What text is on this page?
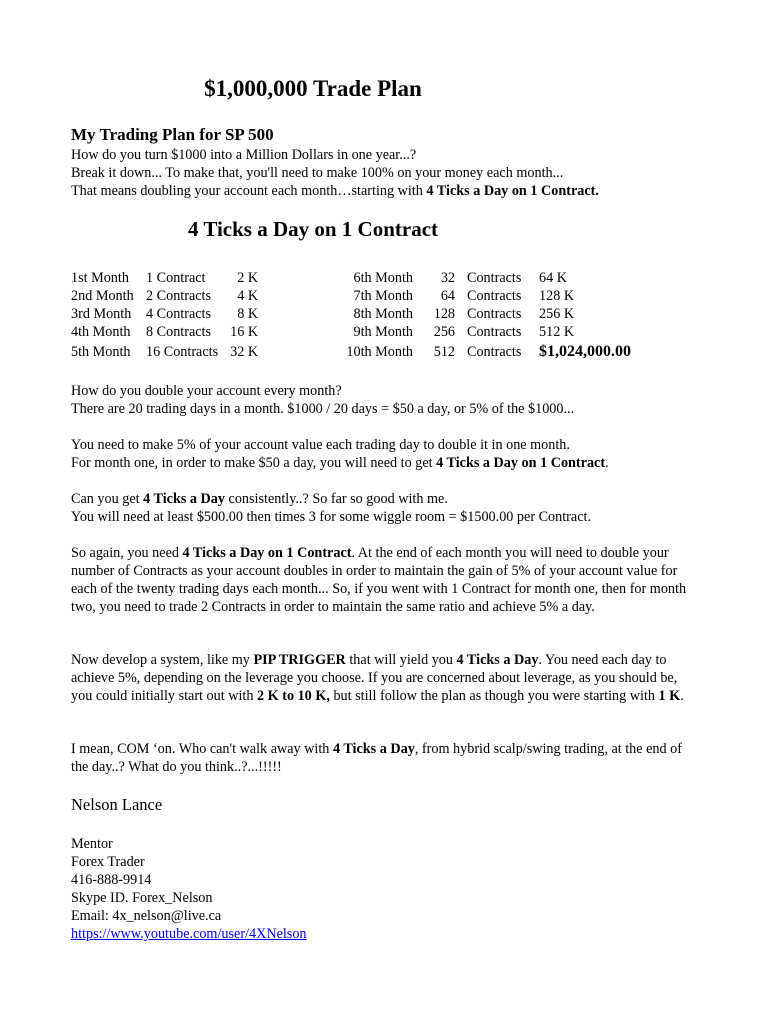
$1,000,000 Trade Plan

My Trading Plan for SP 500

How do you turn $1000 into a Million Dollars in one year...?

Break it down... To make that, you'll need to make 100% on your money each month...

That means doubling your account each month…starting with 4 Ticks a Day on 1 Contract.

4 Ticks a Day on 1 Contract
1st Month	1 Contract	2 K
2nd Month	2 Contracts	4 K
3rd Month	4 Contracts	8 K
4th Month	8 Contracts	16 K
5th Month	16 Contracts	32 K
6th Month	32	Contracts	64 K
7th Month	64	Contracts	128 K
8th Month	128	Contracts	256 K
9th Month	256	Contracts	512 K
10th Month	512	Contracts	$1,024,000.00

How do you double your account every month?
There are 20 trading days in a month. $1000 / 20 days = $50 a day, or 5% of the $1000...

You need to make 5% of your account value each trading day to double it in one month.
For month one, in order to make $50 a day, you will need to get 4 Ticks a Day on 1 Contract.

Can you get 4 Ticks a Day consistently..? So far so good with me.
You will need at least $500.00 then times 3 for some wiggle room = $1500.00 per Contract.

So again, you need 4 Ticks a Day on 1 Contract. At the end of each month you will need to double your number of Contracts as your account doubles in order to maintain the gain of 5% of your account value for each of the twenty trading days each month... So, if you went with 1 Contract for month one, then for month two, you need to trade 2 Contracts in order to maintain the same ratio and achieve 5% a day.

Now develop a system, like my PIP TRIGGER that will yield you 4 Ticks a Day. You need each day to achieve 5%, depending on the leverage you choose. If you are concerned about leverage, as you should be, you could initially start out with 2 K to 10 K, but still follow the plan as though you were starting with 1 K.

I mean, COM ‘on. Who can't walk away with 4 Ticks a Day, from hybrid scalp/swing trading, at the end of the day..? What do you think..?...!!!!!

Nelson Lance

Mentor

Forex Trader

416-888-9914

Skype ID. Forex_Nelson

Email: 4x_nelson@live.ca

https://www.youtube.com/user/4XNelson
